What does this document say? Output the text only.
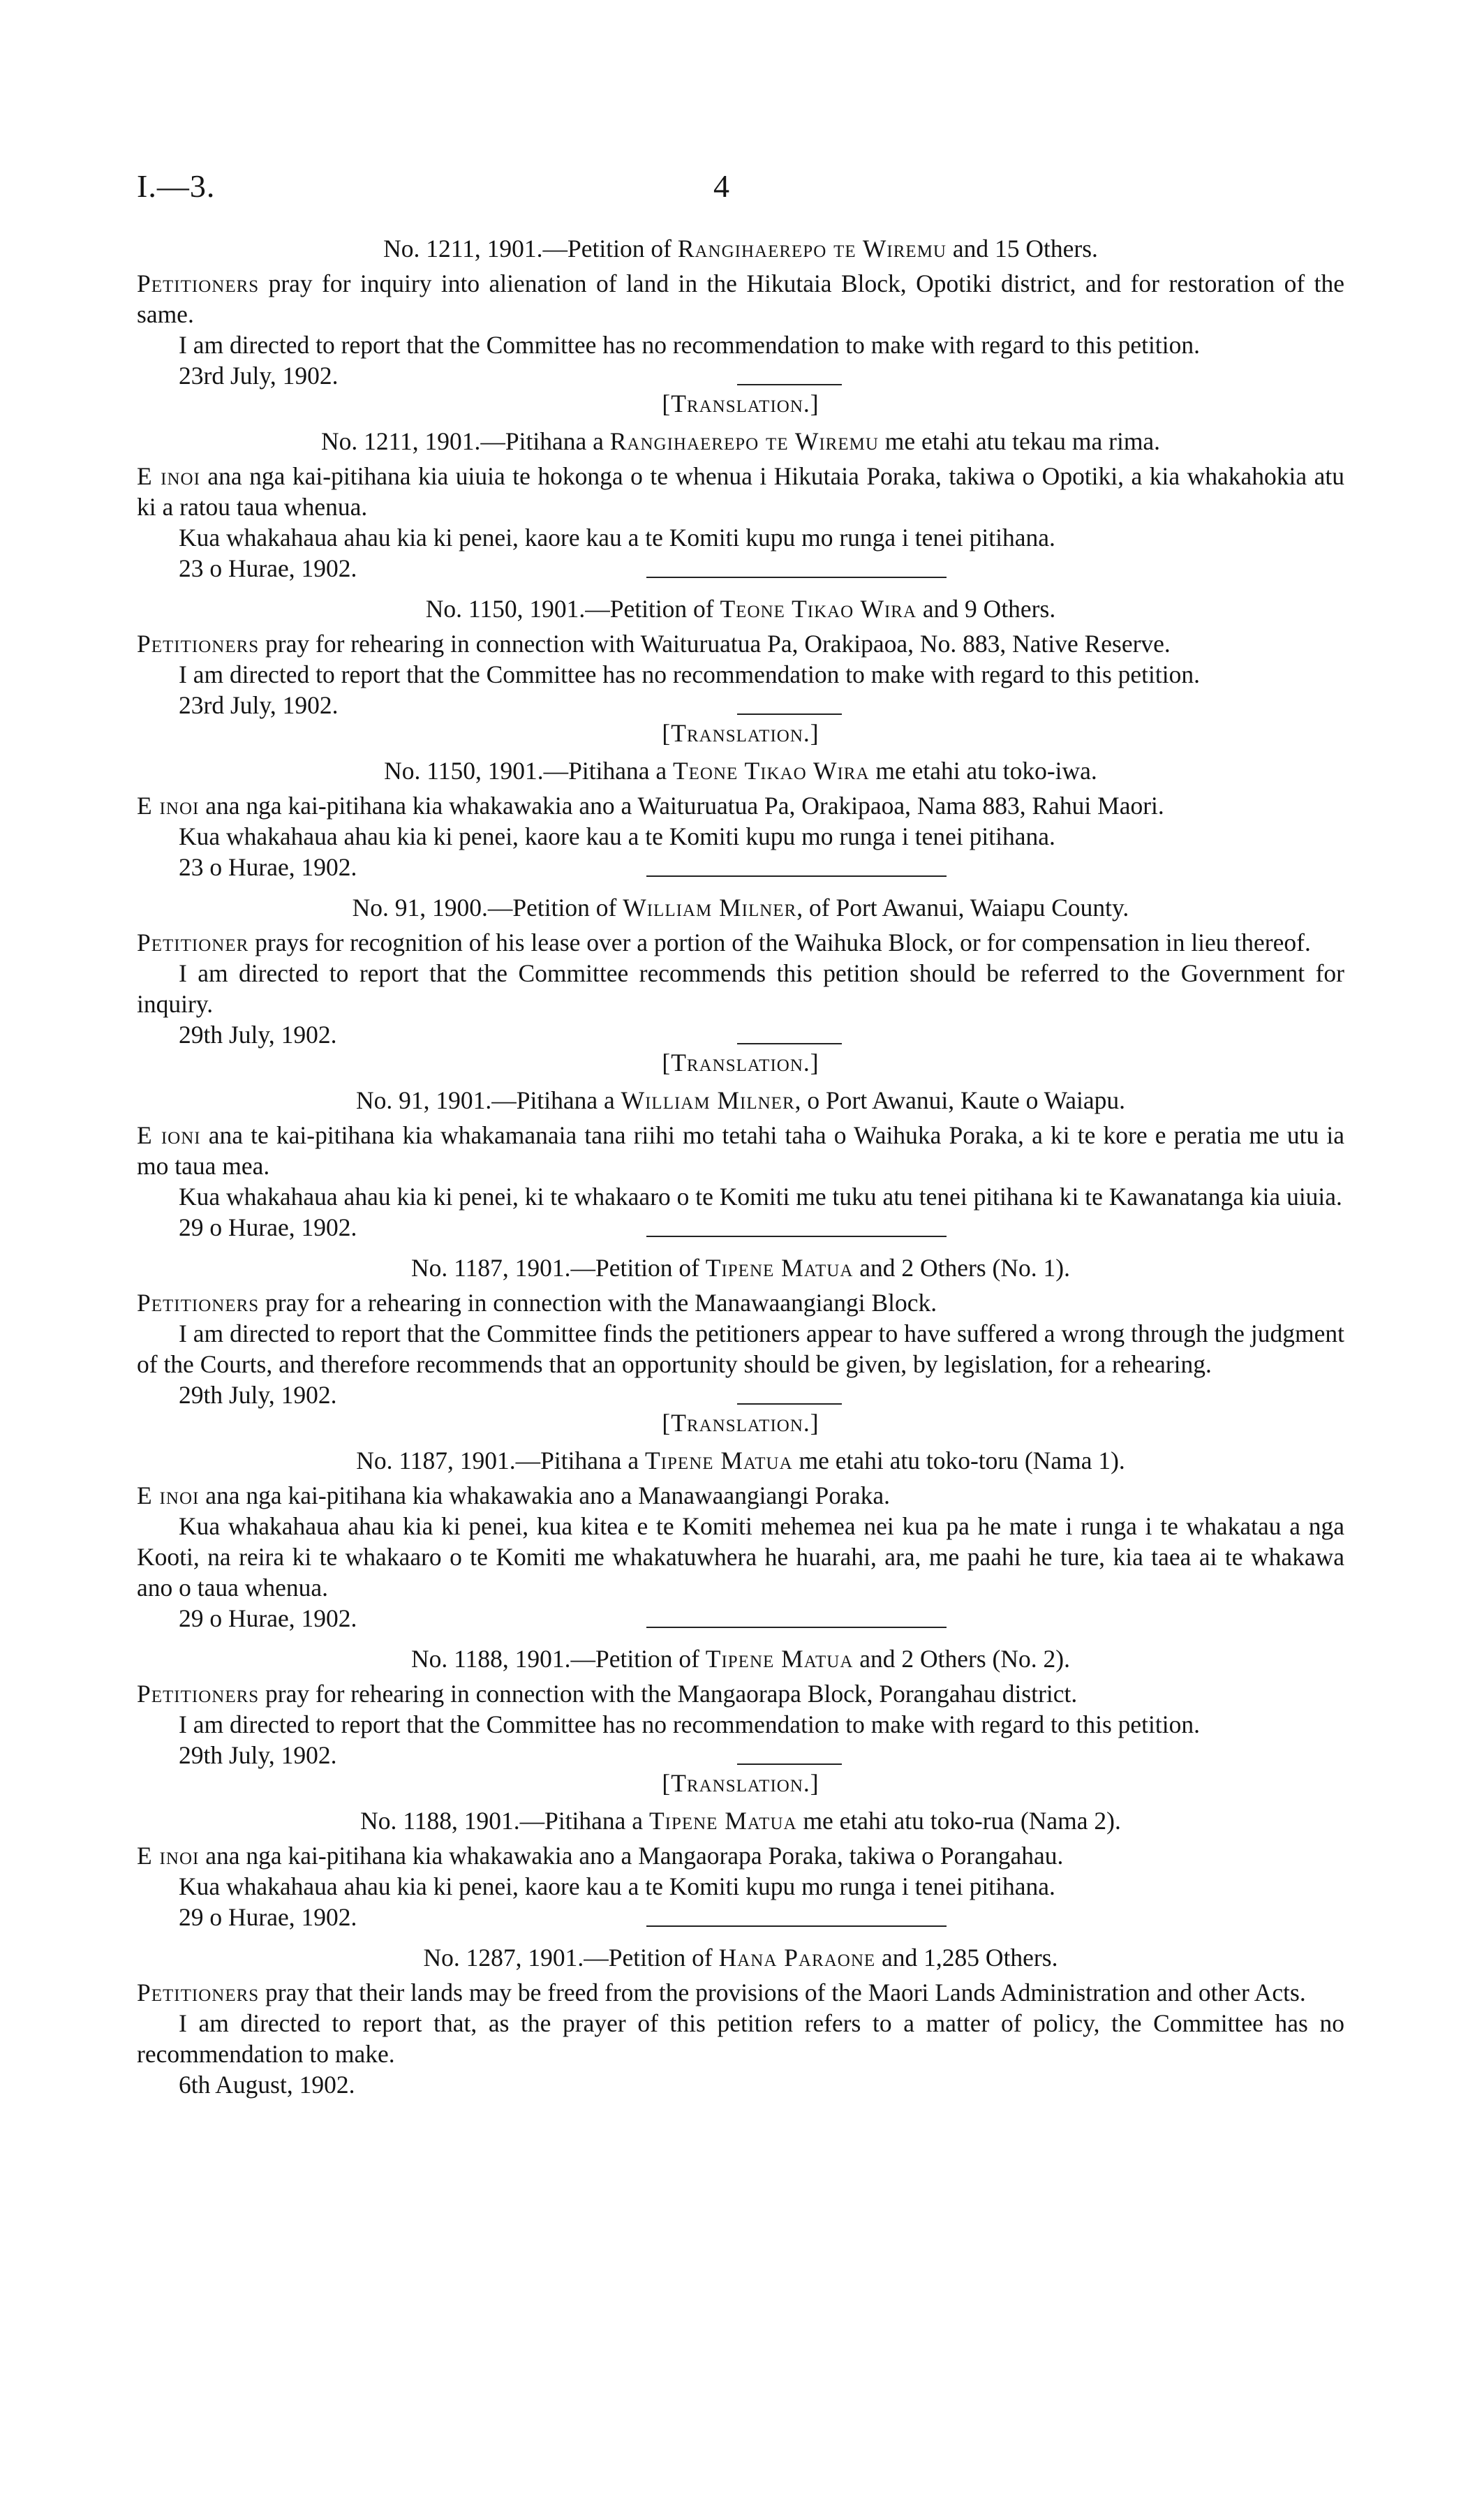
I.—3.	4

No. 1211, 1901.—Petition of Rangihaerepo te Wiremu and 15 Others.

Petitioners pray for inquiry into alienation of land in the Hikutaia Block, Opotiki district, and for restoration of the same.

I am directed to report that the Committee has no recommendation to make with regard to this petition.

23rd July, 1902.

[Translation.]

No. 1211, 1901.—Pitihana a Rangihaerepo te Wiremu me etahi atu tekau ma rima.

E inoi ana nga kai-pitihana kia uiuia te hokonga o te whenua i Hikutaia Poraka, takiwa o Opotiki, a kia whakahokia atu ki a ratou taua whenua.

Kua whakahaua ahau kia ki penei, kaore kau a te Komiti kupu mo runga i tenei pitihana.

23 o Hurae, 1902.

No. 1150, 1901.—Petition of Teone Tikao Wira and 9 Others.

Petitioners pray for rehearing in connection with Waituruatua Pa, Orakipaoa, No. 883, Native Reserve.

I am directed to report that the Committee has no recommendation to make with regard to this petition.

23rd July, 1902.

[Translation.]

No. 1150, 1901.—Pitihana a Teone Tikao Wira me etahi atu toko-iwa.

E inoi ana nga kai-pitihana kia whakawakia ano a Waituruatua Pa, Orakipaoa, Nama 883, Rahui Maori.

Kua whakahaua ahau kia ki penei, kaore kau a te Komiti kupu mo runga i tenei pitihana.

23 o Hurae, 1902.

No. 91, 1900.—Petition of William Milner, of Port Awanui, Waiapu County.

Petitioner prays for recognition of his lease over a portion of the Waihuka Block, or for compensation in lieu thereof.

I am directed to report that the Committee recommends this petition should be referred to the Government for inquiry.

29th July, 1902.

[Translation.]

No. 91, 1901.—Pitihana a William Milner, o Port Awanui, Kaute o Waiapu.

E ioni ana te kai-pitihana kia whakamanaia tana riihi mo tetahi taha o Waihuka Poraka, a ki te kore e peratia me utu ia mo taua mea.

Kua whakahaua ahau kia ki penei, ki te whakaaro o te Komiti me tuku atu tenei pitihana ki te Kawanatanga kia uiuia.

29 o Hurae, 1902.

No. 1187, 1901.—Petition of Tipene Matua and 2 Others (No. 1).

Petitioners pray for a rehearing in connection with the Manawaangiangi Block.

I am directed to report that the Committee finds the petitioners appear to have suffered a wrong through the judgment of the Courts, and therefore recommends that an opportunity should be given, by legislation, for a rehearing.

29th July, 1902.

[Translation.]

No. 1187, 1901.—Pitihana a Tipene Matua me etahi atu toko-toru (Nama 1).

E inoi ana nga kai-pitihana kia whakawakia ano a Manawaangiangi Poraka.

Kua whakahaua ahau kia ki penei, kua kitea e te Komiti mehemea nei kua pa he mate i runga i te whakatau a nga Kooti, na reira ki te whakaaro o te Komiti me whakatuwhera he huarahi, ara, me paahi he ture, kia taea ai te whakawa ano o taua whenua.

29 o Hurae, 1902.

No. 1188, 1901.—Petition of Tipene Matua and 2 Others (No. 2).

Petitioners pray for rehearing in connection with the Mangaorapa Block, Porangahau district.

I am directed to report that the Committee has no recommendation to make with regard to this petition.

29th July, 1902.

[Translation.]

No. 1188, 1901.—Pitihana a Tipene Matua me etahi atu toko-rua (Nama 2).

E inoi ana nga kai-pitihana kia whakawakia ano a Mangaorapa Poraka, takiwa o Porangahau.

Kua whakahaua ahau kia ki penei, kaore kau a te Komiti kupu mo runga i tenei pitihana.

29 o Hurae, 1902.

No. 1287, 1901.—Petition of Hana Paraone and 1,285 Others.

Petitioners pray that their lands may be freed from the provisions of the Maori Lands Administration and other Acts.

I am directed to report that, as the prayer of this petition refers to a matter of policy, the Committee has no recommendation to make.

6th August, 1902.
